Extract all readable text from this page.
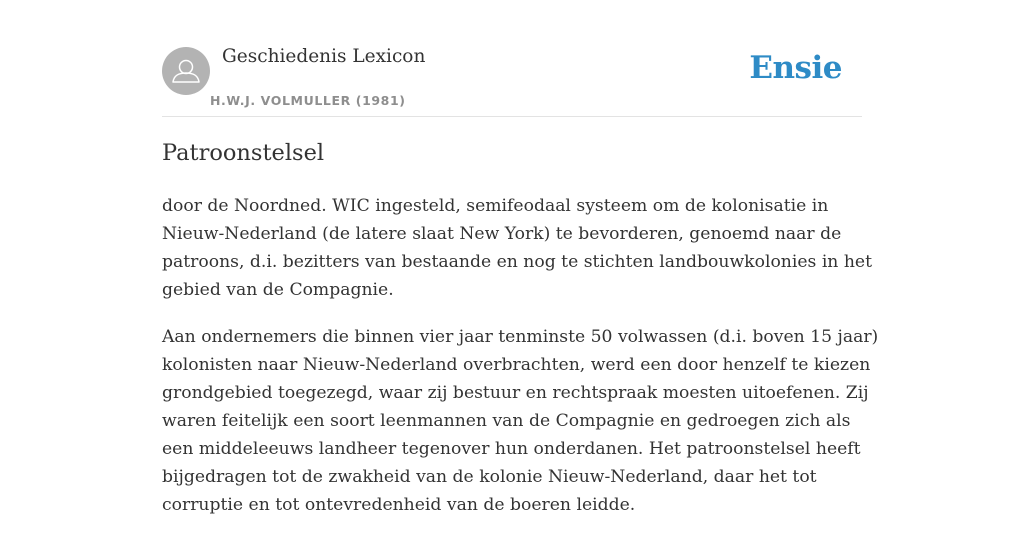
Geschiedenis Lexicon
H.W.J. VOLMULLER (1981)
Ensie
Patroonstelsel

door de Noordned. WIC ingesteld, semifeodaal systeem om de kolonisatie in
Nieuw-Nederland (de latere slaat New York) te bevorderen, genoemd naar de
patroons, d.i. bezitters van bestaande en nog te stichten landbouwkolonies in het
gebied van de Compagnie.

Aan ondernemers die binnen vier jaar tenminste 50 volwassen (d.i. boven 15 jaar)
kolonisten naar Nieuw-Nederland overbrachten, werd een door henzelf te kiezen
grondgebied toegezegd, waar zij bestuur en rechtspraak moesten uitoefenen. Zij
waren feitelijk een soort leenmannen van de Compagnie en gedroegen zich als
een middeleeuws landheer tegenover hun onderdanen. Het patroonstelsel heeft
bijgedragen tot de zwakheid van de kolonie Nieuw-Nederland, daar het tot
corruptie en tot ontevredenheid van de boeren leidde.
